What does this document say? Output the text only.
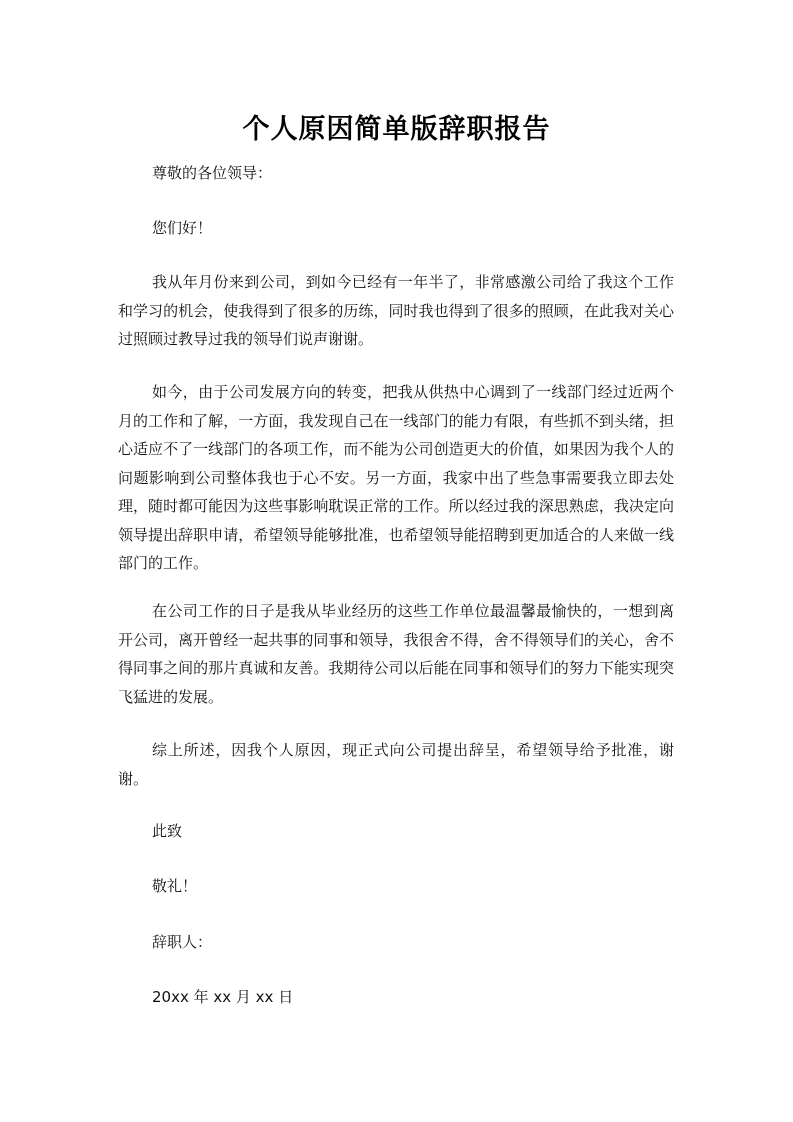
个人原因简单版辞职报告
尊敬的各位领导：
您们好！

我从年月份来到公司，到如今已经有一年半了，非常感激公司给了我这个工作和学习的机会，使我得到了很多的历练，同时我也得到了很多的照顾，在此我对关心过照顾过教导过我的领导们说声谢谢。

如今，由于公司发展方向的转变，把我从供热中心调到了一线部门经过近两个月的工作和了解，一方面，我发现自己在一线部门的能力有限，有些抓不到头绪，担心适应不了一线部门的各项工作，而不能为公司创造更大的价值，如果因为我个人的问题影响到公司整体我也于心不安。另一方面，我家中出了些急事需要我立即去处理，随时都可能因为这些事影响耽误正常的工作。所以经过我的深思熟虑，我决定向领导提出辞职申请，希望领导能够批准，也希望领导能招聘到更加适合的人来做一线部门的工作。

在公司工作的日子是我从毕业经历的这些工作单位最温馨最愉快的，一想到离开公司，离开曾经一起共事的同事和领导，我很舍不得，舍不得领导们的关心，舍不得同事之间的那片真诚和友善。我期待公司以后能在同事和领导们的努力下能实现突飞猛进的发展。

综上所述，因我个人原因，现正式向公司提出辞呈，希望领导给予批准，谢谢。

此致
敬礼！
辞职人：
20xx 年 xx 月 xx 日
